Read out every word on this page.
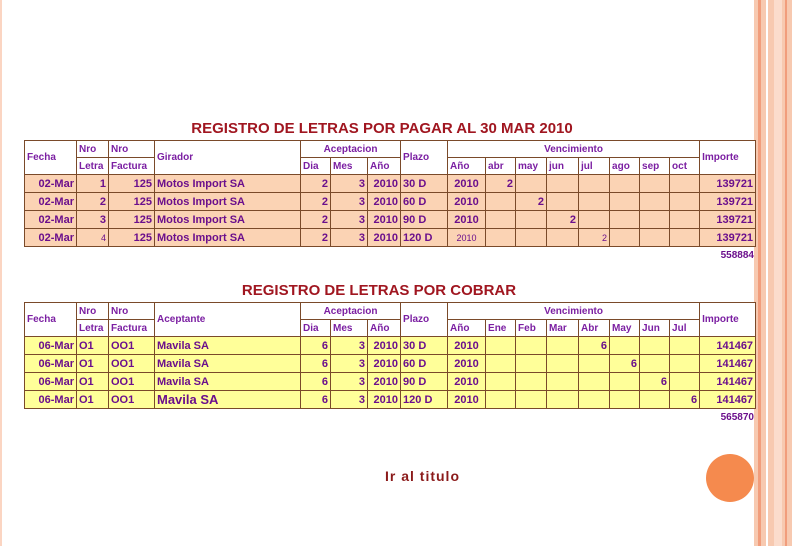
REGISTRO DE LETRAS POR PAGAR AL 30 MAR 2010
Fecha	Nro	Nro	Girador	Aceptacion			Plazo	Vencimiento								Importe
	Letra	Factura		Dia	Mes	Año		Año	abr	may	jun	jul	ago	sep	oct	
02-Mar	1	125	Motos Import SA	2	3	2010	30 D	2010	2							139721
02-Mar	2	125	Motos Import SA	2	3	2010	60 D	2010		2						139721
02-Mar	3	125	Motos Import SA	2	3	2010	90 D	2010			2					139721
02-Mar	4	125	Motos Import SA	2	3	2010	120 D	2010				2				139721
558884
REGISTRO DE LETRAS POR COBRAR
Fecha	Nro	Nro	Aceptante	Aceptacion			Plazo	Vencimiento								Importe
	Letra	Factura		Dia	Mes	Año		Año	Ene	Feb	Mar	Abr	May	Jun	Jul	
06-Mar	O1	OO1	Mavila SA	6	3	2010	30 D	2010				6				141467
06-Mar	O1	OO1	Mavila SA	6	3	2010	60 D	2010					6			141467
06-Mar	O1	OO1	Mavila SA	6	3	2010	90 D	2010						6		141467
06-Mar	O1	OO1	Mavila SA	6	3	2010	120 D	2010							6	141467
565870
Ir al titulo
